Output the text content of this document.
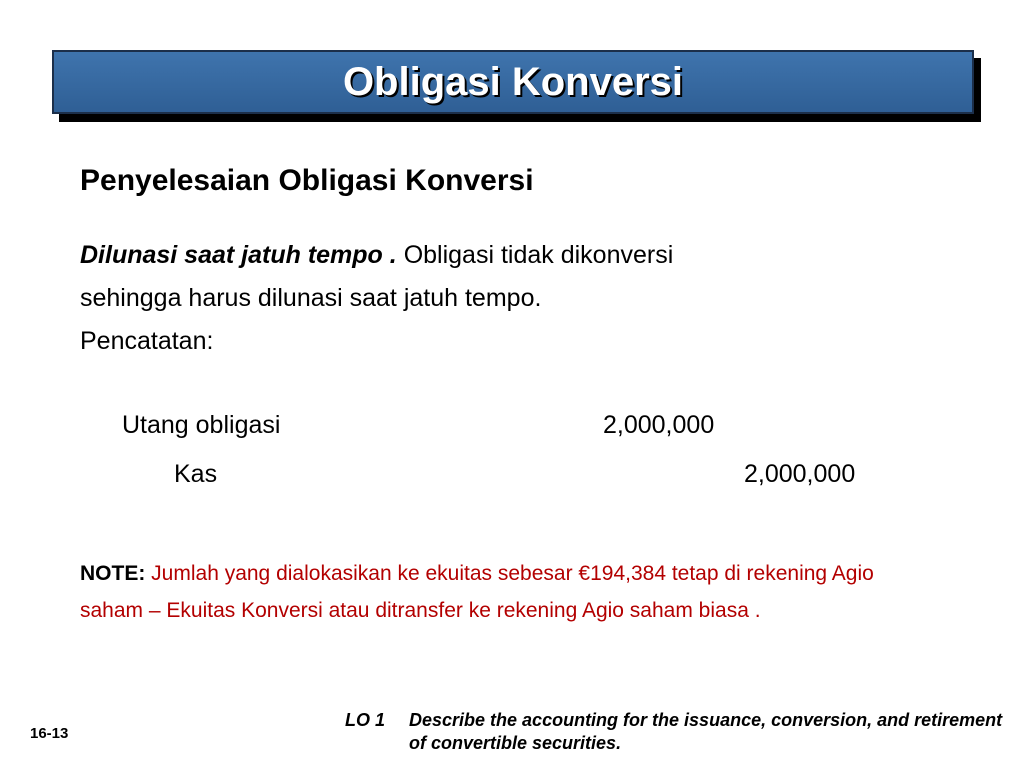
Obligasi Konversi
Penyelesaian Obligasi Konversi
Dilunasi saat jatuh tempo . Obligasi tidak dikonversi
sehingga harus dilunasi saat jatuh tempo.
Pencatatan:
Utang obligasi	2,000,000
Kas	2,000,000
NOTE: Jumlah yang dialokasikan ke ekuitas sebesar €194,384 tetap di rekening Agio saham – Ekuitas Konversi atau ditransfer ke rekening Agio saham biasa .
16-13
LO 1	Describe the accounting for the issuance, conversion, and retirement of convertible securities.
